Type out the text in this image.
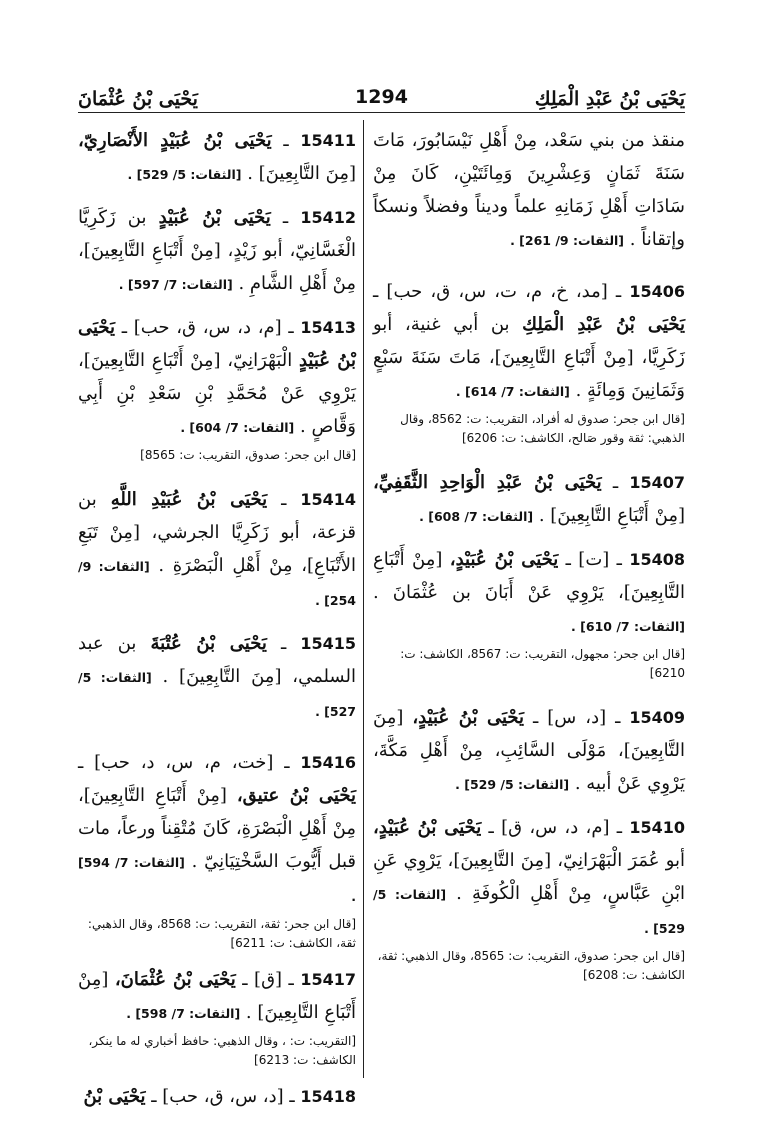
يَحْيَى بْنُ عَبْدِ الْمَلِكِ
1294
يَحْيَى بْنُ عُثْمَانَ

منقذ من بني سَعْد، مِنْ أَهْلِ نَيْسَابُورَ، مَاتَ سَنَةَ ثَمَانٍ وَعِشْرِينَ وَمِائَتَيْنِ، كَانَ مِنْ سَادَاتِ أَهْلِ زَمَانِهِ علماً وديناً وفضلاً ونسكاً وإتقاناً . [الثقات: 9/ 261] .

15406 ـ [مد، خ، م، ت، س، ق، حب] ـ يَحْيَى بْنُ عَبْدِ الْمَلِكِ بن أبي غنية، أبو زَكَرِيَّا، [مِنْ أَتْبَاعِ التَّابِعِينَ]، مَاتَ سَنَةَ سَبْعٍ وَثَمَانِينَ وَمِائَةٍ . [الثقات: 7/ 614] .

[قال ابن جحر: صدوق له أفراد، التقريب: ت: 8562، وقال الذهبي: ثقة وقور صَالح، الكاشف: ت: 6206]

15407 ـ يَحْيَى بْنُ عَبْدِ الْوَاحِدِ الثَّقَفِيِّ، [مِنْ أَتْبَاعِ التَّابِعِينَ] . [الثقات: 7/ 608] .

15408 ـ [ت] ـ يَحْيَى بْنُ عُبَيْدٍ، [مِنْ أَتْبَاعِ التَّابِعِينَ]، يَرْوِي عَنْ أَبَانَ بن عُثْمَانَ . [الثقات: 7/ 610] .

[قال ابن جحر: مجهول، التقريب: ت: 8567، الكاشف: ت: 6210]

15409 ـ [د، س] ـ يَحْيَى بْنُ عُبَيْدٍ، [مِنَ التَّابِعِينَ]، مَوْلَى السَّائِبِ، مِنْ أَهْلِ مَكَّةَ، يَرْوِي عَنْ أبيه . [الثقات: 5/ 529] .

15410 ـ [م، د، س، ق] ـ يَحْيَى بْنُ عُبَيْدٍ، أبو عُمَرَ الْبَهْرَانِيّ، [مِنَ التَّابِعِينَ]، يَرْوِي عَنِ ابْنِ عَبَّاسٍ، مِنْ أَهْلِ الْكُوفَةِ . [الثقات: 5/ 529] .

[قال ابن جحر: صدوق، التقريب: ت: 8565، وقال الذهبي: ثقة، الكاشف: ت: 6208]

15411 ـ يَحْيَى بْنُ عُبَيْدٍ الأَنْصَارِيّ، [مِنَ التَّابِعِينَ] . [الثقات: 5/ 529] .

15412 ـ يَحْيَى بْنُ عُبَيْدٍ بن زَكَرِيَّا الْغَسَّانِيّ، أبو زَيْدٍ، [مِنْ أَتْبَاعِ التَّابِعِينَ]، مِنْ أَهْلِ الشَّامِ . [الثقات: 7/ 597] .

15413 ـ [م، د، س، ق، حب] ـ يَحْيَى بْنُ عُبَيْدٍ الْبَهْرَانِيّ، [مِنْ أَتْبَاعِ التَّابِعِينَ]، يَرْوِي عَنْ مُحَمَّدِ بْنِ سَعْدِ بْنِ أَبِي وَقَّاصٍ . [الثقات: 7/ 604] .

[قال ابن جحر: صدوق، التقريب: ت: 8565]

15414 ـ يَحْيَى بْنُ عُبَيْدِ اللَّهِ بن قزعة، أبو زَكَرِيَّا الجرشي، [مِنْ تَبَعِ الأَتْبَاعِ]، مِنْ أَهْلِ الْبَصْرَةِ . [الثقات: 9/ 254] .

15415 ـ يَحْيَى بْنُ عُتْبَةَ بن عبد السلمي، [مِنَ التَّابِعِينَ] . [الثقات: 5/ 527] .

15416 ـ [خت، م، س، د، حب] ـ يَحْيَى بْنُ عتيق، [مِنْ أَتْبَاعِ التَّابِعِينَ]، مِنْ أَهْلِ الْبَصْرَةِ، كَانَ مُتْقِناً ورعاً، مات قبل أَيُّوبَ السَّخْتِيَانِيّ . [الثقات: 7/ 594] .

[قال ابن جحر: ثقة، التقريب: ت: 8568، وقال الذهبي: ثقة، الكاشف: ت: 6211]

15417 ـ [ق] ـ يَحْيَى بْنُ عُثْمَانَ، [مِنْ أَتْبَاعِ التَّابِعِينَ] . [الثقات: 7/ 598] .

[التقريب: ت: ، وقال الذهبي: حافظ أخباري له ما ينكر، الكاشف: ت: 6213]

15418 ـ [د، س، ق، حب] ـ يَحْيَى بْنُ
